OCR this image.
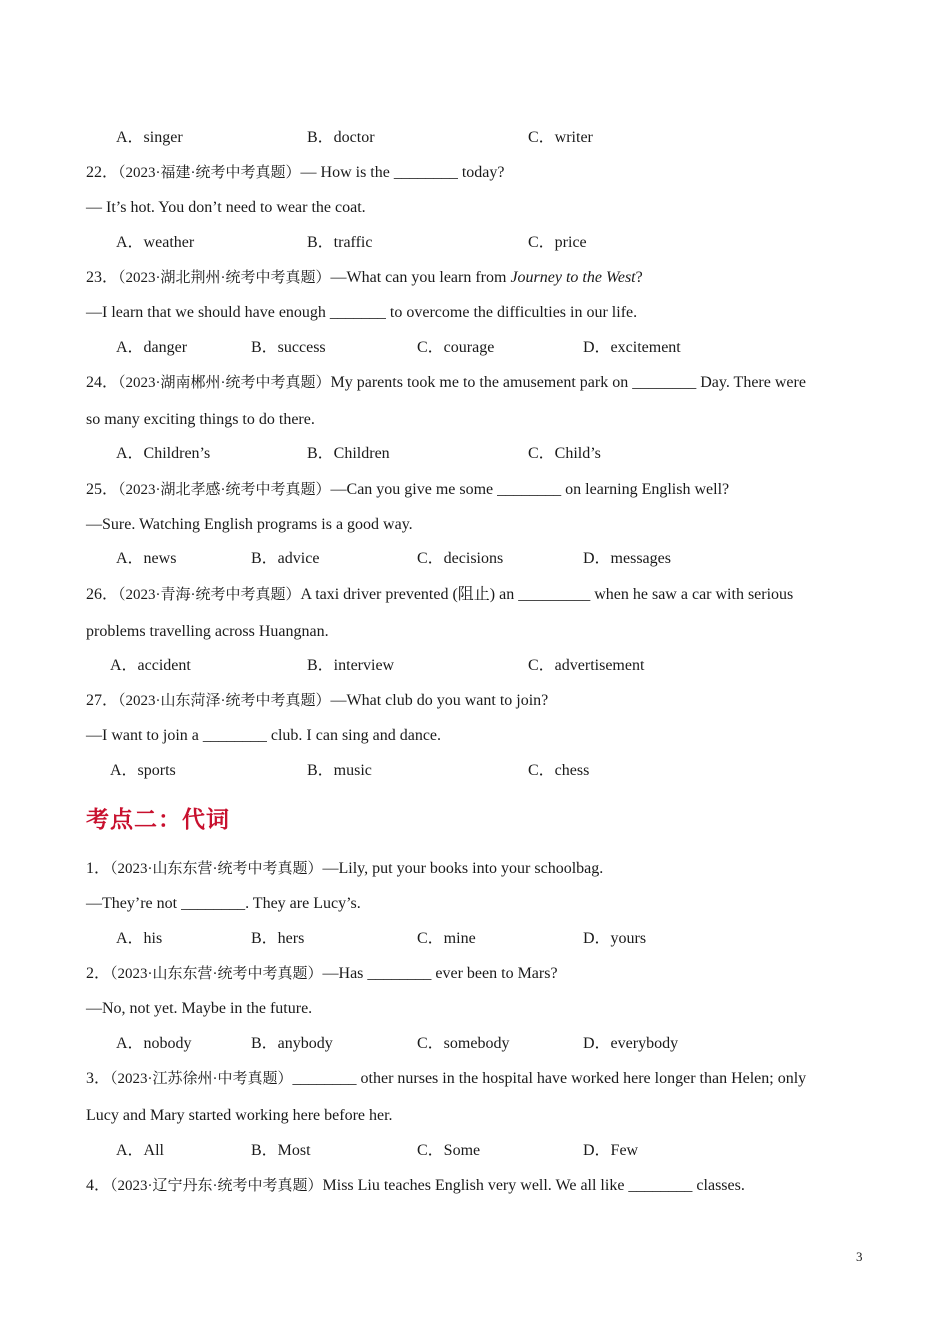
A．singer	B．doctor	C．writer
22．（2023·福建·统考中考真题）— How is the ________ today?
— It’s hot. You don’t need to wear the coat.
A．weather	B．traffic	C．price
23．（2023·湖北荆州·统考中考真题）—What can you learn from Journey to the West?
—I learn that we should have enough _______ to overcome the difficulties in our life.
A．danger	B．success	C．courage	D．excitement
24．（2023·湖南郴州·统考中考真题）My parents took me to the amusement park on ________ Day. There were
so many exciting things to do there.
A．Children’s	B．Children	C．Child’s
25．（2023·湖北孝感·统考中考真题）—Can you give me some ________ on learning English well?
—Sure. Watching English programs is a good way.
A．news	B．advice	C．decisions	D．messages
26．（2023·青海·统考中考真题）A taxi driver prevented (阻止) an _________ when he saw a car with serious
problems travelling across Huangnan.
A．accident	B．interview	C．advertisement
27．（2023·山东菏泽·统考中考真题）—What club do you want to join?
—I want to join a ________ club. I can sing and dance.
A．sports	B．music	C．chess
考点二：代词
1．（2023·山东东营·统考中考真题）—Lily, put your books into your schoolbag.
—They’re not ________. They are Lucy’s.
A．his	B．hers	C．mine	D．yours
2．（2023·山东东营·统考中考真题）—Has ________ ever been to Mars?
—No, not yet. Maybe in the future.
A．nobody	B．anybody	C．somebody	D．everybody
3．（2023·江苏徐州·中考真题）________ other nurses in the hospital have worked here longer than Helen; only
Lucy and Mary started working here before her.
A．All	B．Most	C．Some	D．Few
4．（2023·辽宁丹东·统考中考真题）Miss Liu teaches English very well. We all like ________ classes.
3
